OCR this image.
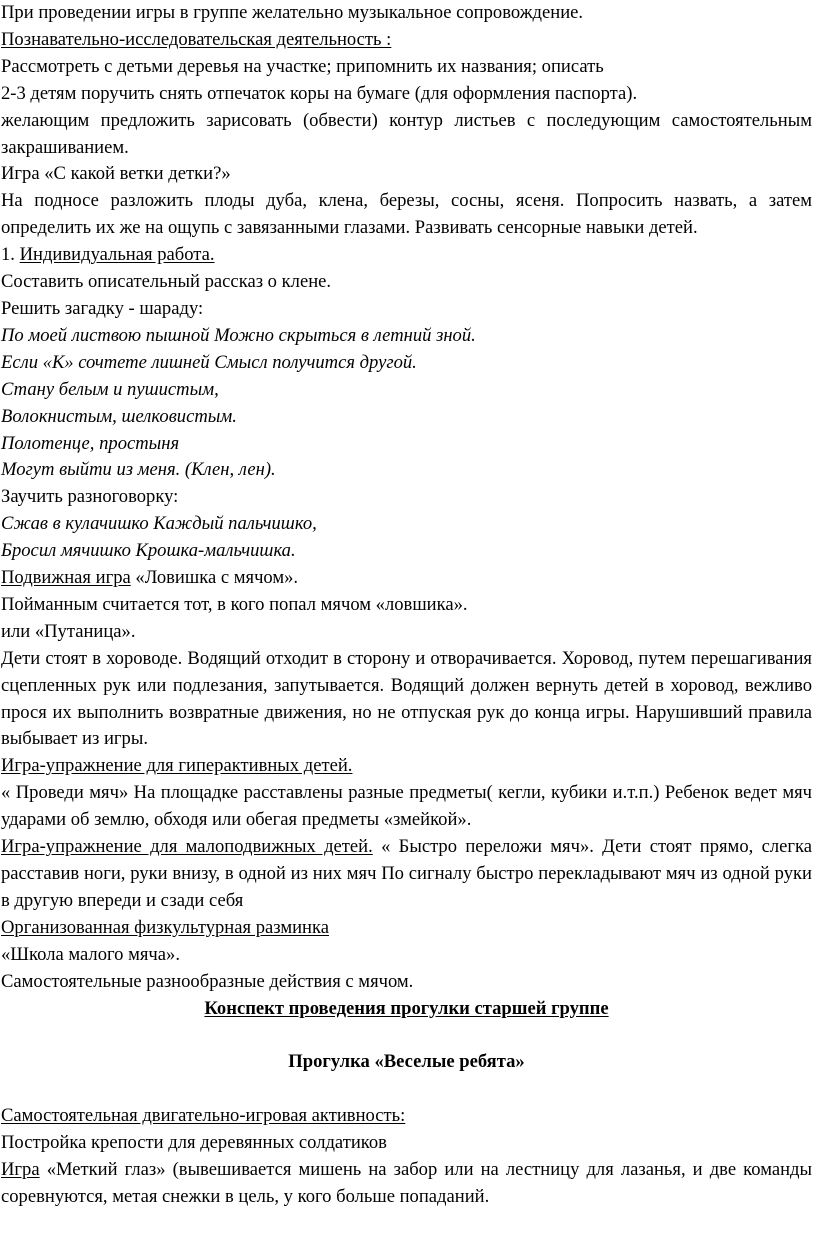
При проведении игры в группе желательно музыкальное сопровождение.

Познавательно-исследовательская деятельность :

Рассмотреть с детьми деревья на участке; припомнить их названия; описать

2-3 детям поручить снять отпечаток коры на бумаге (для оформления паспорта).

желающим предложить зарисовать (обвести) контур листьев с последующим самостоятельным закрашиванием.

Игра «С какой ветки детки?»

На подносе разложить плоды дуба, клена, березы, сосны, ясеня. Попросить назвать, а затем определить их же на ощупь с завязанными глазами. Развивать сенсорные навыки детей.

1. Индивидуальная работа.

Составить описательный рассказ о клене.

Решить загадку - шараду:

По моей листвою пышной Можно скрыться в летний зной.

Если «К» сочтете лишней Смысл получится другой.

Стану белым и пушистым,

Волокнистым, шелковистым.

Полотенце, простыня

Могут выйти из меня. (Клен, лен).

Заучить разноговорку:

Сжав в кулачишко Каждый пальчишко,

Бросил мячишко Крошка-мальчишка.

Подвижная игра «Ловишка с мячом».

Пойманным считается тот, в кого попал мячом «ловшика».

или «Путаница».

Дети стоят в хороводе. Водящий отходит в сторону и отворачивается. Хоровод, путем перешагивания сцепленных рук или подлезания, запутывается. Водящий должен вернуть детей в хоровод, вежливо прося их выполнить возвратные движения, но не отпуская рук до конца игры. Нарушивший правила выбывает из игры.

Игра-упражнение для гиперактивных детей.

« Проведи мяч» На площадке расставлены разные предметы( кегли, кубики и.т.п.) Ребенок ведет мяч ударами об землю, обходя или обегая предметы «змейкой».

Игра-упражнение для малоподвижных детей. « Быстро переложи мяч». Дети стоят прямо, слегка расставив ноги, руки внизу, в одной из них мяч По сигналу быстро перекладывают мяч из одной руки в другую впереди и сзади себя

Организованная физкультурная разминка

«Школа малого мяча».

Самостоятельные разнообразные действия с мячом.

Конспект проведения прогулки старшей группе

Прогулка «Веселые ребята»

Самостоятельная двигательно-игровая активность:

Постройка крепости для деревянных солдатиков

Игра «Меткий глаз» (вывешивается мишень на забор или на лестницу для лазанья, и две команды соревнуются, метая снежки в цель, у кого больше попаданий.
